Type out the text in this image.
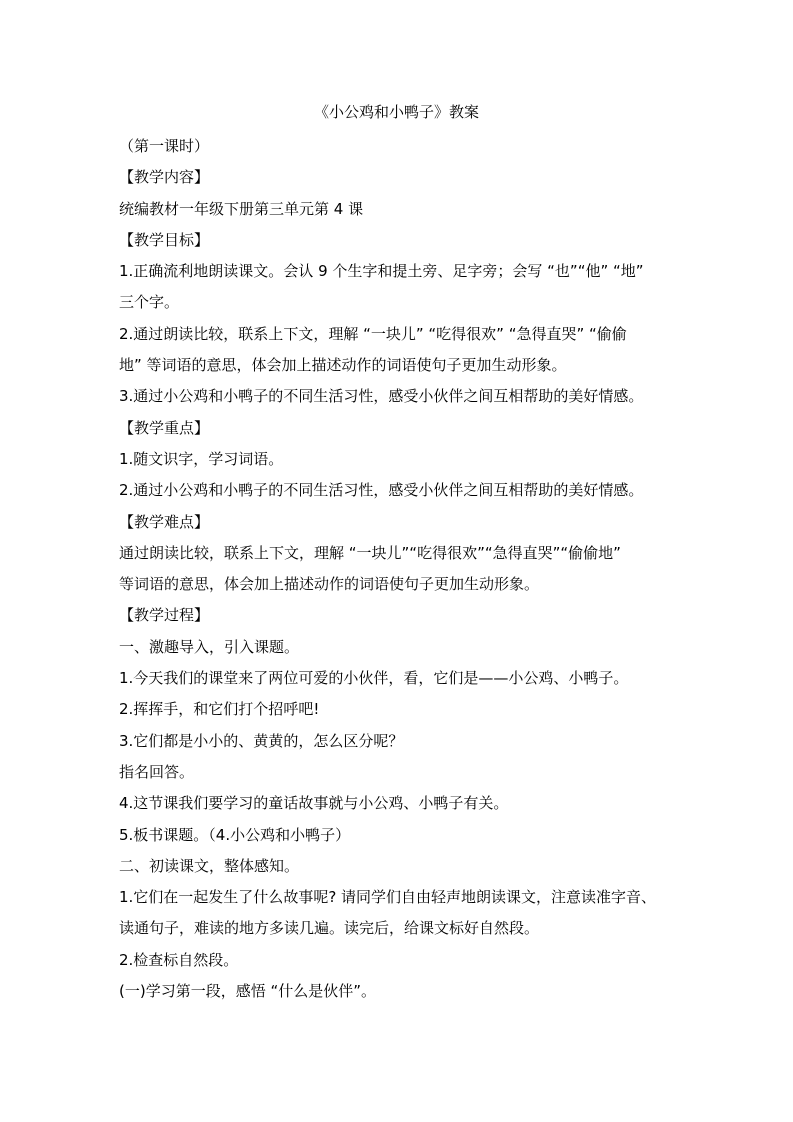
《小公鸡和小鸭子》教案
（第一课时）
【教学内容】
统编教材一年级下册第三单元第 4 课
【教学目标】
1.正确流利地朗读课文。会认 9 个生字和提土旁、足字旁；会写 “也”“他” “地”
三个字。
2.通过朗读比较，联系上下文，理解 “一块儿” “吃得很欢” “急得直哭” “偷偷
地” 等词语的意思，体会加上描述动作的词语使句子更加生动形象。
3.通过小公鸡和小鸭子的不同生活习性，感受小伙伴之间互相帮助的美好情感。
【教学重点】
1.随文识字，学习词语。
2.通过小公鸡和小鸭子的不同生活习性，感受小伙伴之间互相帮助的美好情感。
【教学难点】
通过朗读比较，联系上下文，理解 “一块儿”“吃得很欢”“急得直哭”“偷偷地”
等词语的意思，体会加上描述动作的词语使句子更加生动形象。
【教学过程】
一、激趣导入，引入课题。
1.今天我们的课堂来了两位可爱的小伙伴，看，它们是——小公鸡、小鸭子。
2.挥挥手，和它们打个招呼吧!
3.它们都是小小的、黄黄的，怎么区分呢？
指名回答。
4.这节课我们要学习的童话故事就与小公鸡、小鸭子有关。
5.板书课题。（4.小公鸡和小鸭子）
二、初读课文，整体感知。
1.它们在一起发生了什么故事呢? 请同学们自由轻声地朗读课文，注意读准字音、
读通句子，难读的地方多读几遍。读完后，给课文标好自然段。
2.检查标自然段。
(一)学习第一段，感悟 “什么是伙伴”。
